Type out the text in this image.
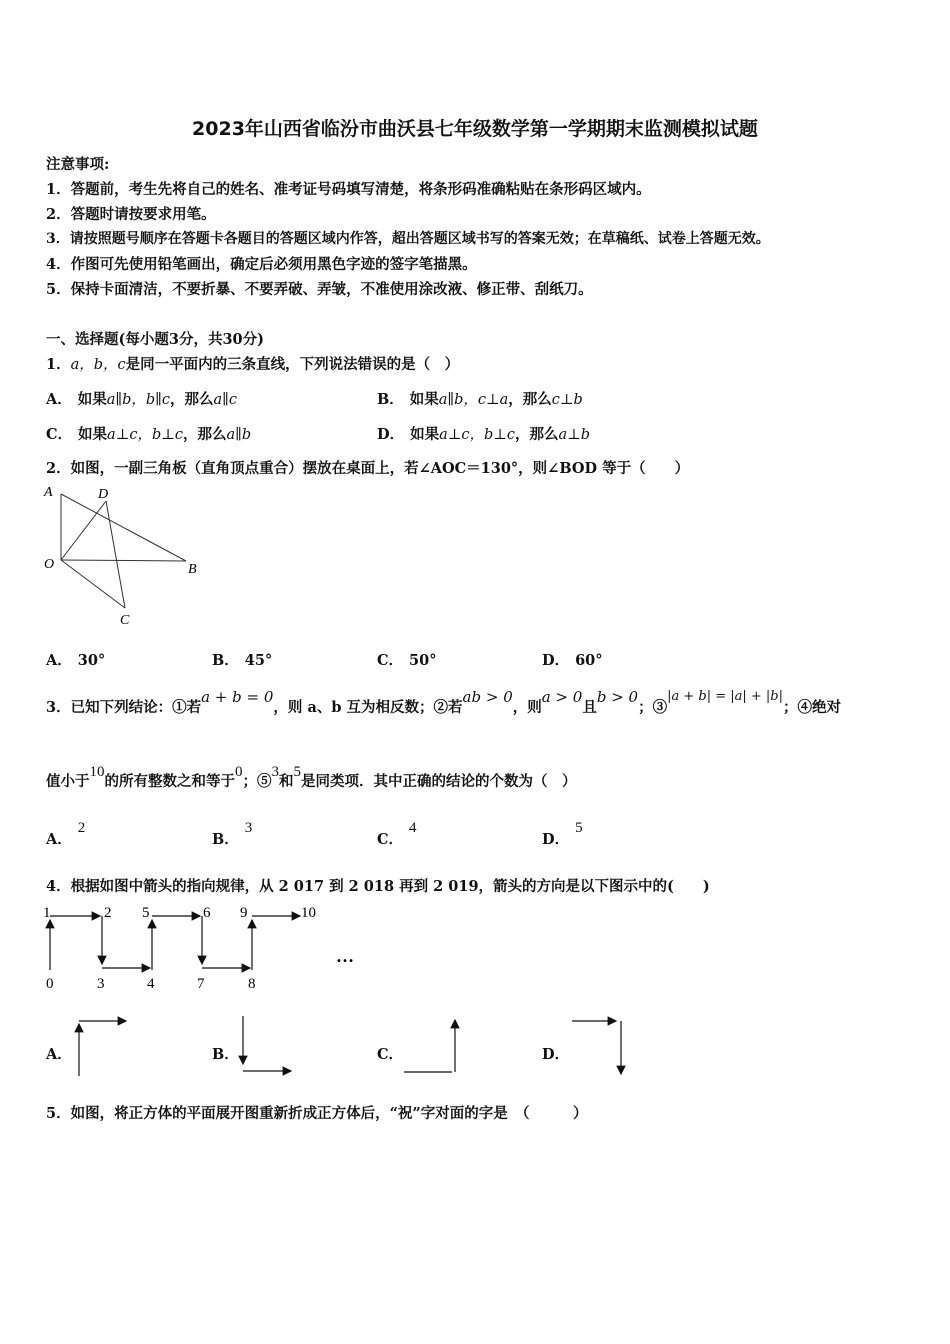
2023年山西省临汾市曲沃县七年级数学第一学期期末监测模拟试题
注意事项:
1．答题前，考生先将自己的姓名、准考证号码填写清楚，将条形码准确粘贴在条形码区域内。
2．答题时请按要求用笔。
3．请按照题号顺序在答题卡各题目的答题区域内作答，超出答题区域书写的答案无效；在草稿纸、试卷上答题无效。
4．作图可先使用铅笔画出，确定后必须用黑色字迹的签字笔描黑。
5．保持卡面清洁，不要折暴、不要弄破、弄皱，不准使用涂改液、修正带、刮纸刀。
一、选择题(每小题3分，共30分)
1．a，b，c是同一平面内的三条直线，下列说法错误的是（　）
A． 如果a∥b，b∥c，那么a∥c	B． 如果a∥b，c⊥a，那么c⊥b
C． 如果a⊥c，b⊥c，那么a∥b	D． 如果a⊥c，b⊥c，那么a⊥b
2．如图，一副三角板（直角顶点重合）摆放在桌面上，若∠AOC＝130°，则∠BOD 等于（　　）
A	D
O	B
C
A． 30°	B． 45°	C． 50°	D． 60°
3．已知下列结论：①若a + b = 0，则 a、b 互为相反数；②若ab > 0，则a > 0且b > 0；③|a + b| = |a| + |b|；④绝对
值小于10的所有整数之和等于0；⑤3和5是同类项．其中正确的结论的个数为（　）
A．2
B．3
C．4
D．5
4．根据如图中箭头的指向规律，从 2 017 到 2 018 再到 2 019，箭头的方向是以下图示中的(　　)
1	2 5	6 9	10
0	3	4	7	8
…
A．	B．	C．	D．
5．如图，将正方体的平面展开图重新折成正方体后，“祝”字对面的字是　（　　　）
